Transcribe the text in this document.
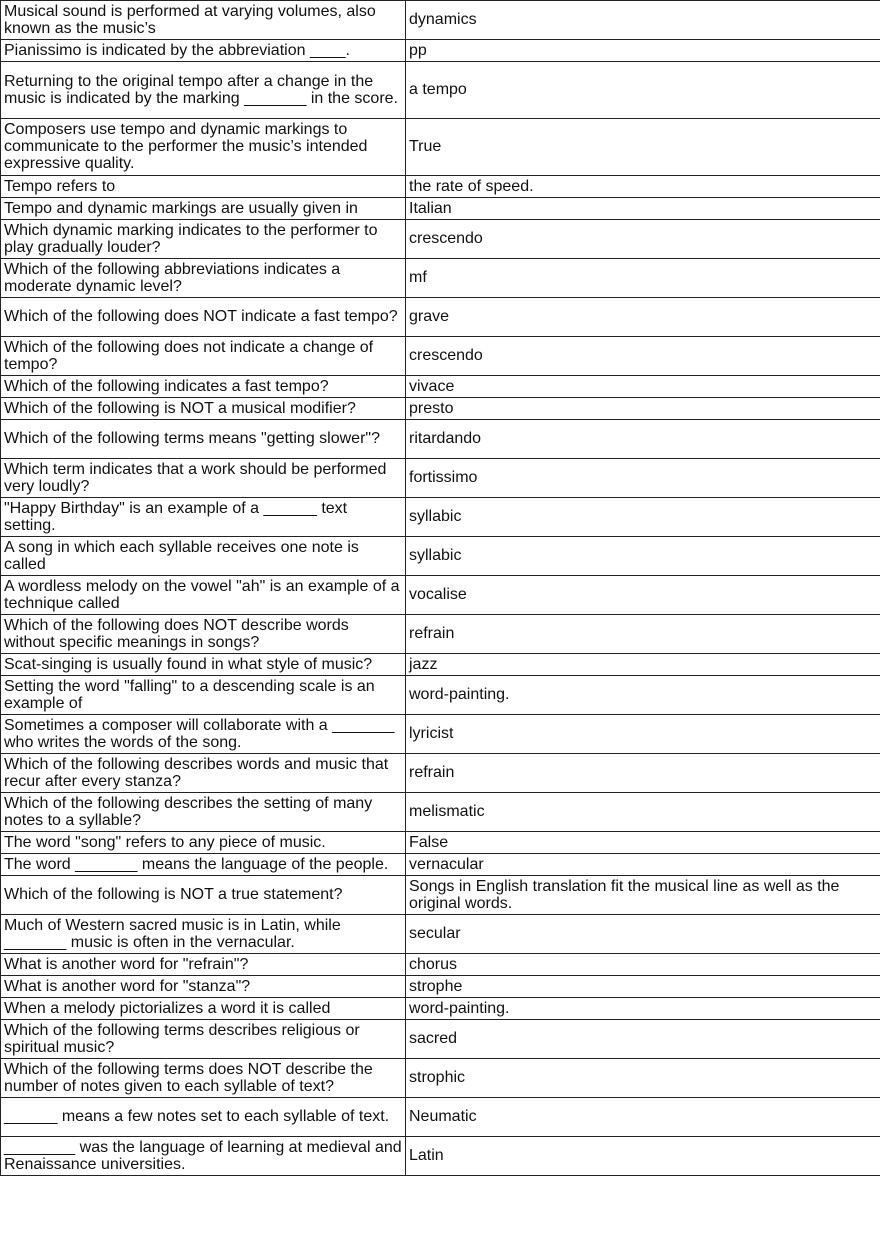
Musical sound is performed at varying volumes, also known as the music’s	dynamics
Pianissimo is indicated by the abbreviation ____.	pp
Returning to the original tempo after a change in the music is indicated by the marking _______ in the score.	a tempo
Composers use tempo and dynamic markings to communicate to the performer the music’s intended expressive quality.	True
Tempo refers to	the rate of speed.
Tempo and dynamic markings are usually given in	Italian
Which dynamic marking indicates to the performer to play gradually louder?	crescendo
Which of the following abbreviations indicates a moderate dynamic level?	mf
Which of the following does NOT indicate a fast tempo?	grave
Which of the following does not indicate a change of tempo?	crescendo
Which of the following indicates a fast tempo?	vivace
Which of the following is NOT a musical modifier?	presto
Which of the following terms means "getting slower"?	ritardando
Which term indicates that a work should be performed very loudly?	fortissimo
"Happy Birthday" is an example of a ______ text setting.	syllabic
A song in which each syllable receives one note is called	syllabic
A wordless melody on the vowel "ah" is an example of a technique called	vocalise
Which of the following does NOT describe words without specific meanings in songs?	refrain
Scat-singing is usually found in what style of music?	jazz
Setting the word "falling" to a descending scale is an example of	word-painting.
Sometimes a composer will collaborate with a _______ who writes the words of the song.	lyricist
Which of the following describes words and music that recur after every stanza?	refrain
Which of the following describes the setting of many notes to a syllable?	melismatic
The word "song" refers to any piece of music.	False
The word _______ means the language of the people.	vernacular
Which of the following is NOT a true statement?	Songs in English translation fit the musical line as well as the original words.
Much of Western sacred music is in Latin, while _______ music is often in the vernacular.	secular
What is another word for "refrain"?	chorus
What is another word for "stanza"?	strophe
When a melody pictorializes a word it is called	word-painting.
Which of the following terms describes religious or spiritual music?	sacred
Which of the following terms does NOT describe the number of notes given to each syllable of text?	strophic
______ means a few notes set to each syllable of text.	Neumatic
________ was the language of learning at medieval and Renaissance universities.	Latin
